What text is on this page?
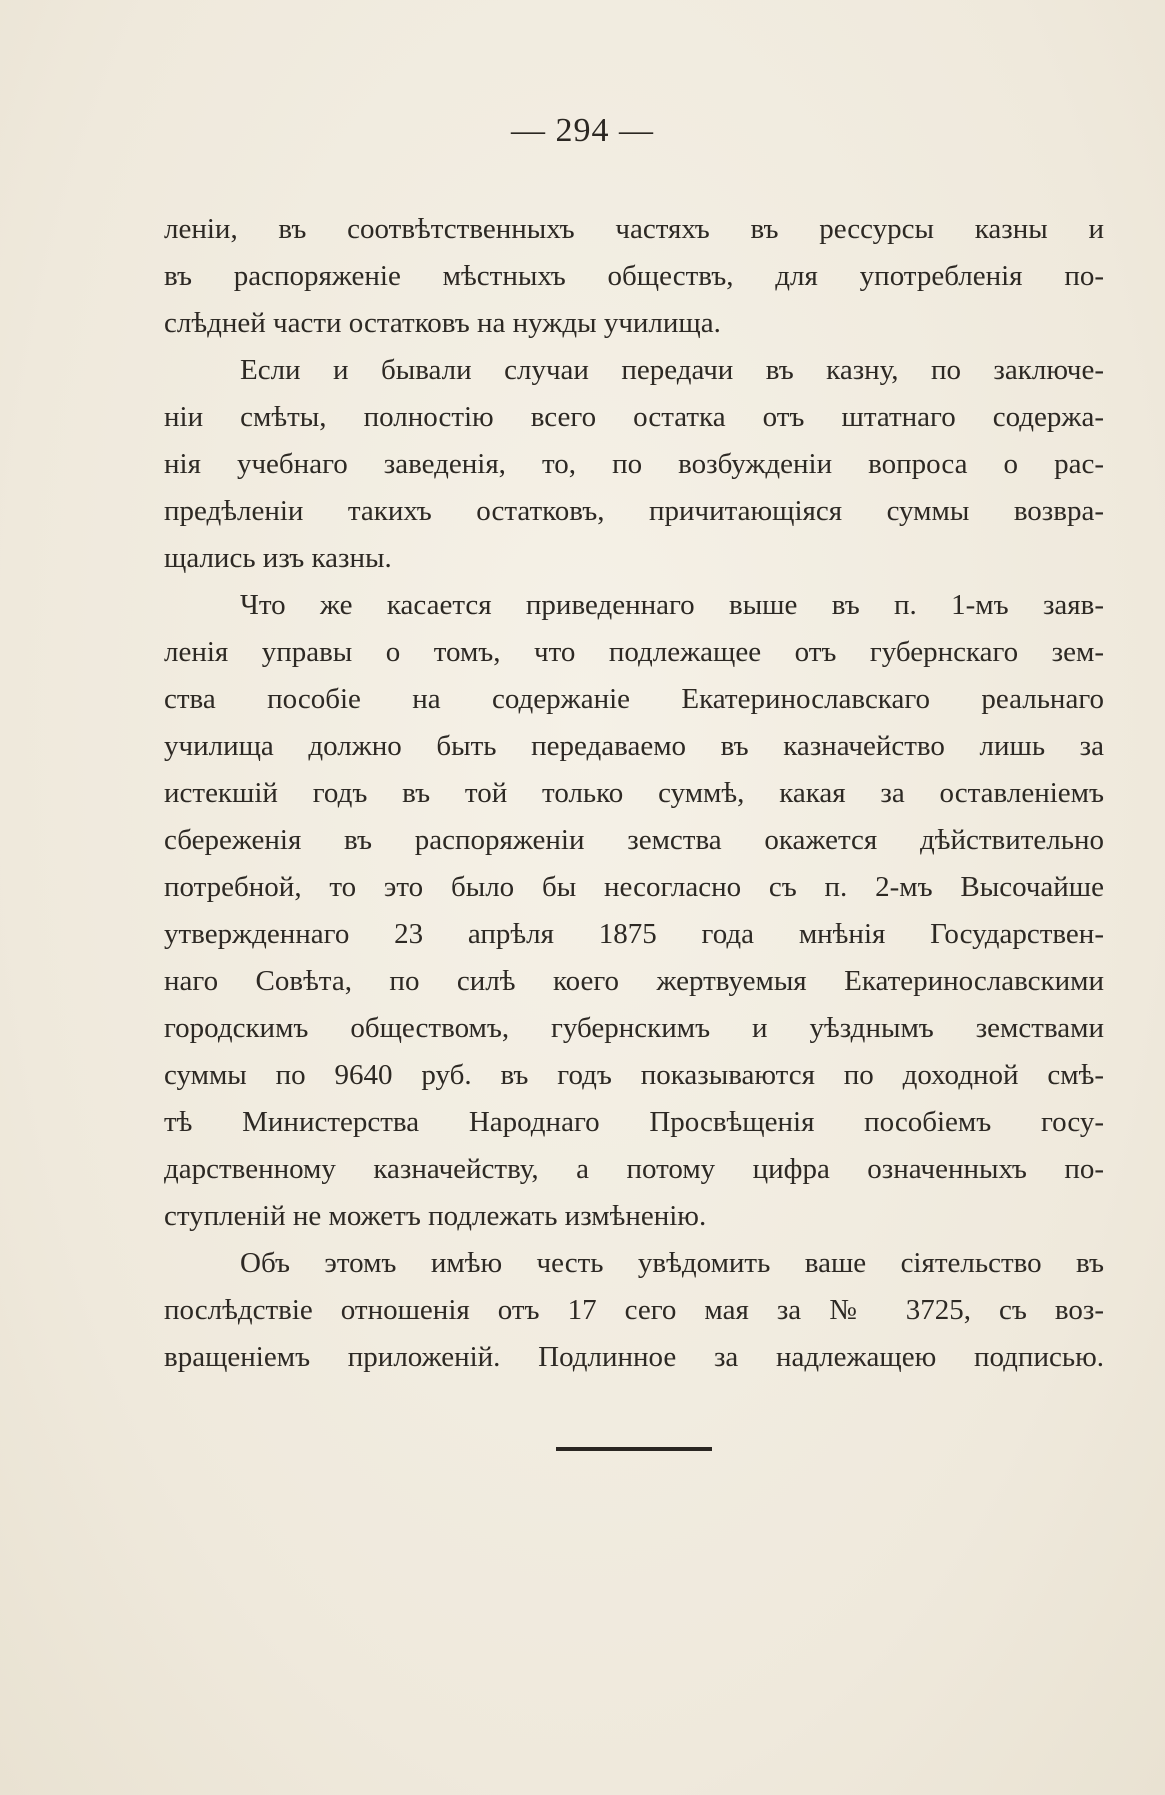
— 294 —
леніи, въ соотвѣтственныхъ частяхъ въ рессурсы казны и
въ распоряженіе мѣстныхъ обществъ, для употребленія по-
слѣдней части остатковъ на нужды училища.
Если и бывали случаи передачи въ казну, по заключе-
ніи смѣты, полностію всего остатка отъ штатнаго содержа-
нія учебнаго заведенія, то, по возбужденіи вопроса о рас-
предѣленіи такихъ остатковъ, причитающіяся суммы возвра-
щались изъ казны.
Что же касается приведеннаго выше въ п. 1-мъ заяв-
ленія управы о томъ, что подлежащее отъ губернскаго зем-
ства пособіе на содержаніе Екатеринославскаго реальнаго
училища должно быть передаваемо въ казначейство лишь за
истекшій годъ въ той только суммѣ, какая за оставленіемъ
сбереженія въ распоряженіи земства окажется дѣйствительно
потребной, то это было бы несогласно съ п. 2-мъ Высочайше
утвержденнаго 23 апрѣля 1875 года мнѣнія Государствен-
наго Совѣта, по силѣ коего жертвуемыя Екатеринославскими
городскимъ обществомъ, губернскимъ и уѣзднымъ земствами
суммы по 9640 руб. въ годъ показываются по доходной смѣ-
тѣ Министерства Народнаго Просвѣщенія пособіемъ госу-
дарственному казначейству, а потому цифра означенныхъ по-
ступленій не можетъ подлежать измѣненію.
Объ этомъ имѣю честь увѣдомить ваше сіятельство въ
послѣдствіе отношенія отъ 17 сего мая за № 3725, съ воз-
вращеніемъ приложеній. Подлинное за надлежащею подписью.
